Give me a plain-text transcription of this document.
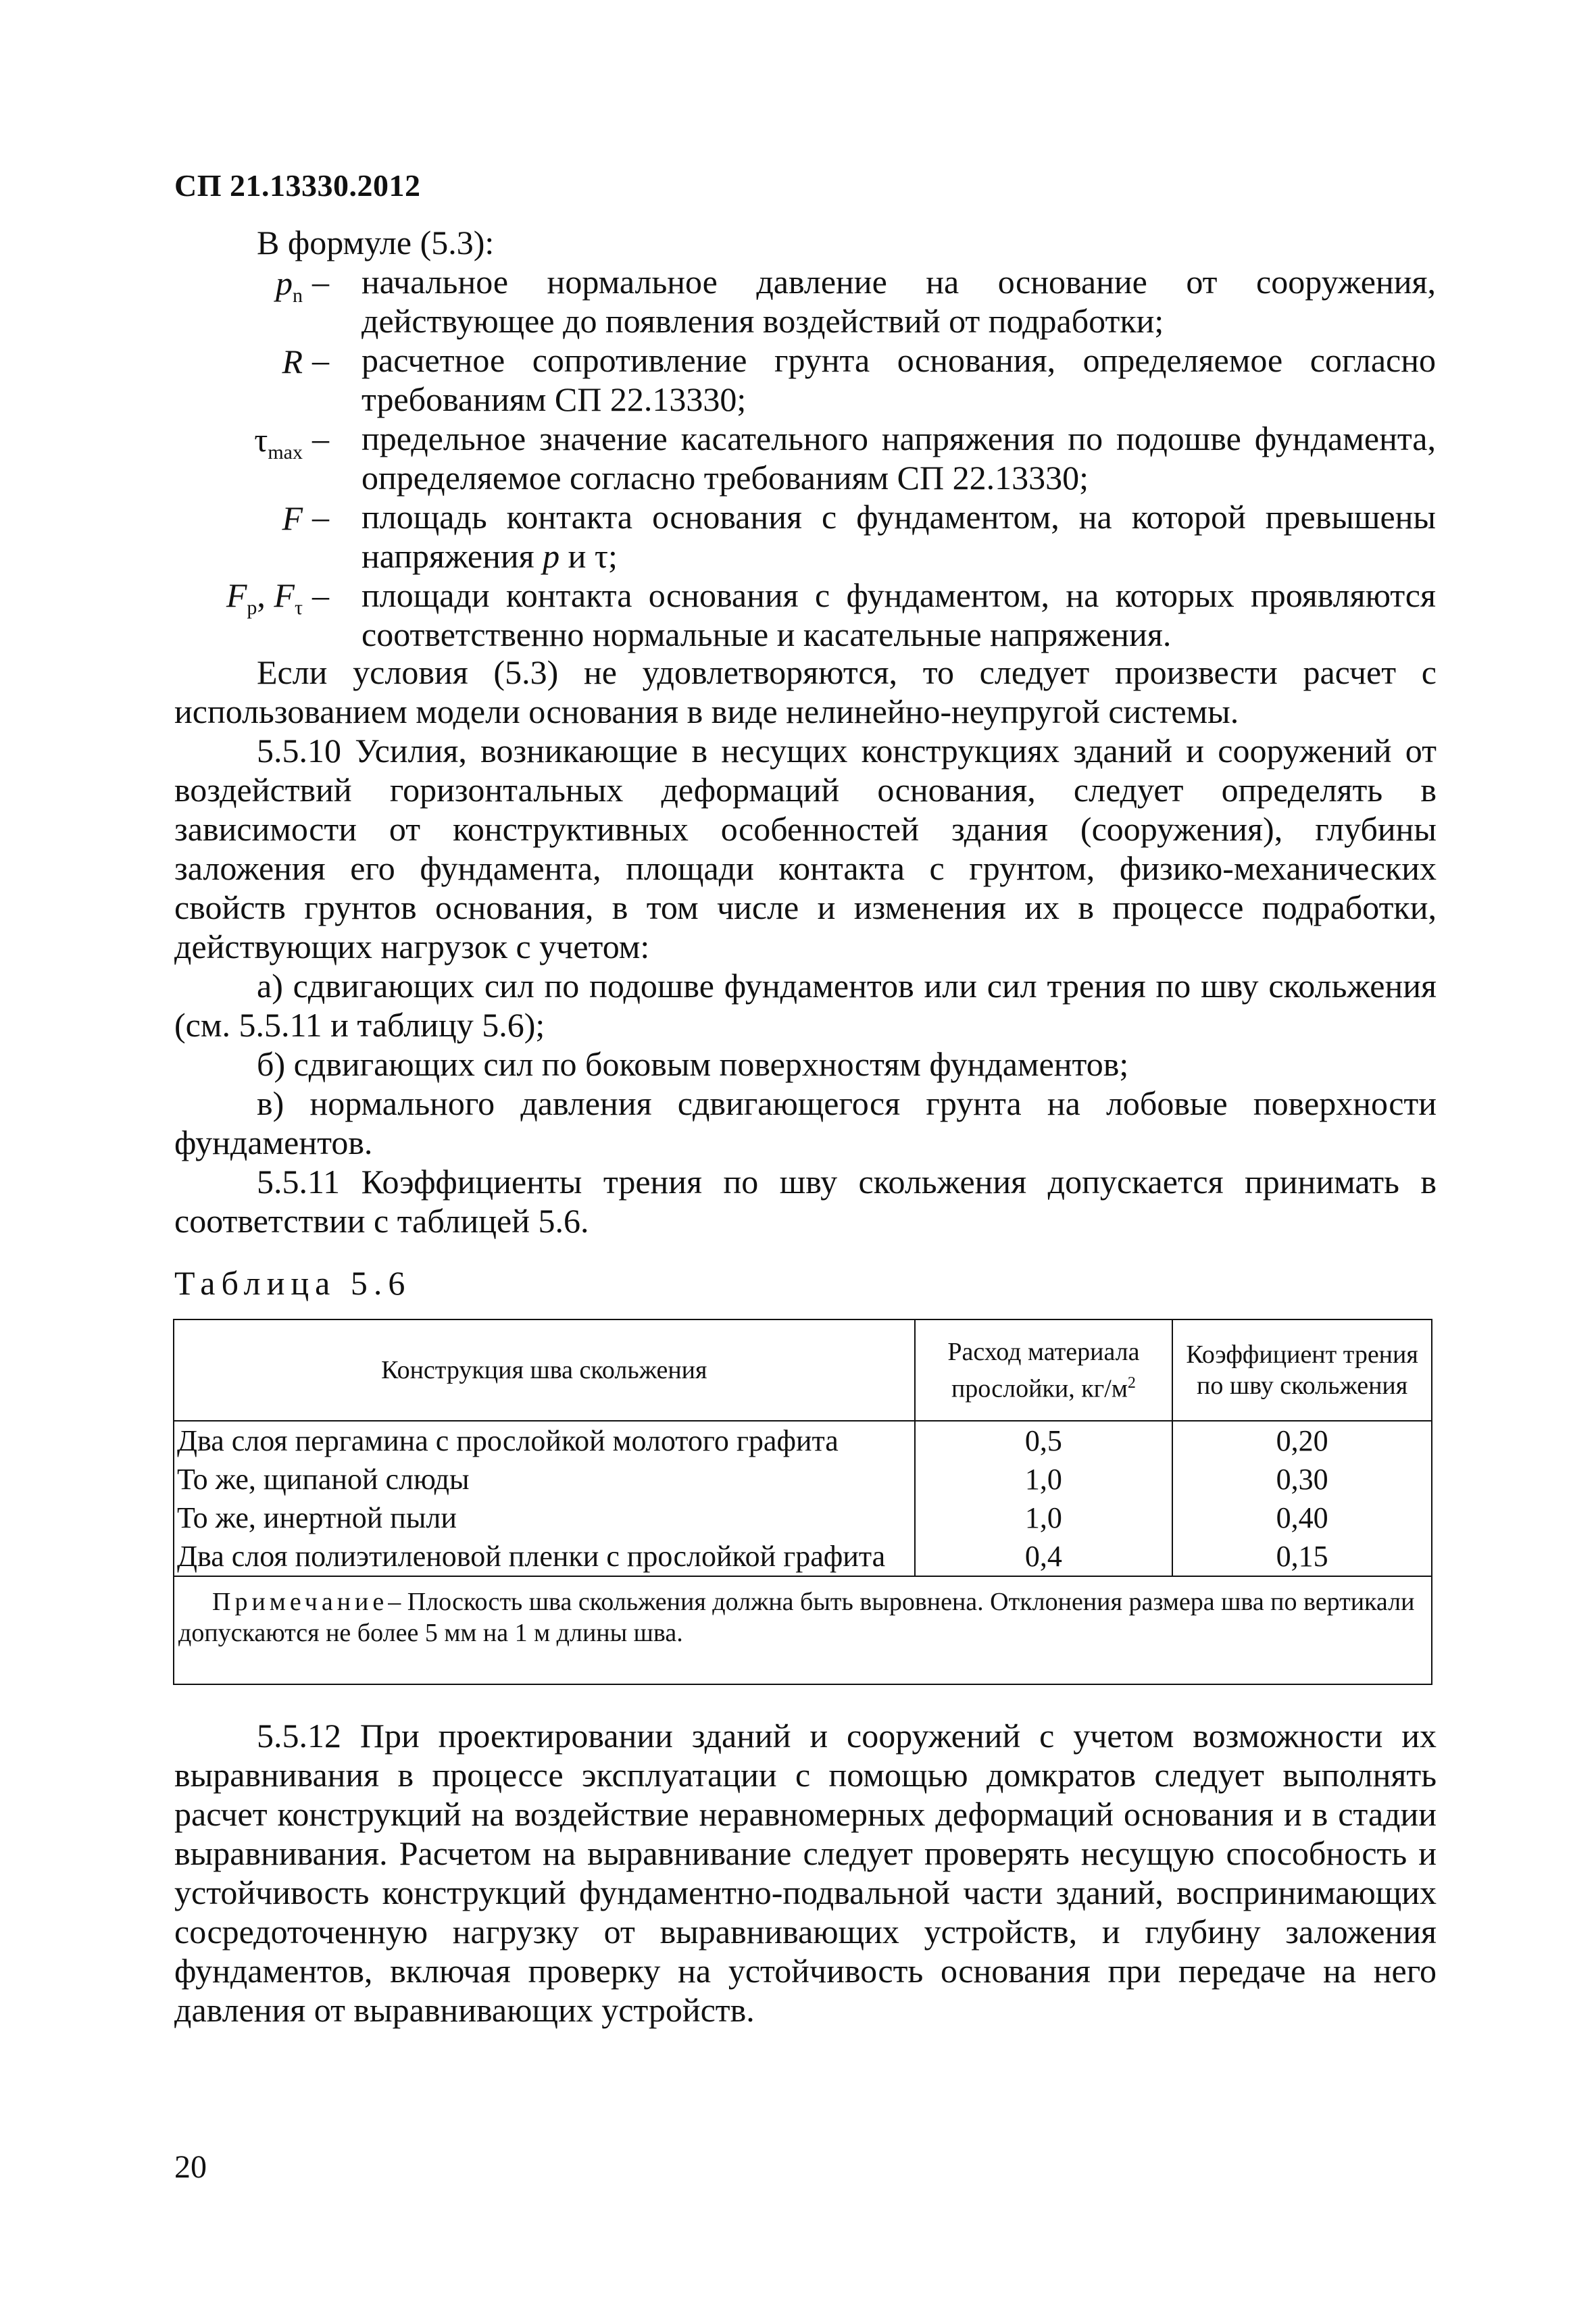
СП 21.13330.2012
В формуле (5.3):
$p_n$ – начальное нормальное давление на основание от сооружения,
действующее до появления воздействий от подработки;
R – расчетное сопротивление грунта основания, определяемое согласно
требованиям СП 22.13330;
$\tau_{max}$ – предельное значение касательного напряжения по подошве фундамента,
определяемое согласно требованиям СП 22.13330;
F – площадь контакта основания с фундаментом, на которой превышены
напряжения p и τ;
$F_p$, $F_\tau$ – площади контакта основания с фундаментом, на которых проявляются
соответственно нормальные и касательные напряжения.
Если условия (5.3) не удовлетворяются, то следует произвести расчет с использованием модели основания в виде нелинейно-неупругой системы.
5.5.10 Усилия, возникающие в несущих конструкциях зданий и сооружений от воздействий горизонтальных деформаций основания, следует определять в зависимости от конструктивных особенностей здания (сооружения), глубины заложения его фундамента, площади контакта с грунтом, физико-механических свойств грунтов основания, в том числе и изменения их в процессе подработки, действующих нагрузок с учетом:
а) сдвигающих сил по подошве фундаментов или сил трения по шву скольжения (см. 5.5.11 и таблицу 5.6);
б) сдвигающих сил по боковым поверхностям фундаментов;
в) нормального давления сдвигающегося грунта на лобовые поверхности фундаментов.
5.5.11 Коэффициенты трения по шву скольжения допускается принимать в соответствии с таблицей 5.6.
Таблица 5.6
Конструкция шва скольжения	Расход материала прослойки, $кг/м^2$	Коэффициент трения по шву скольжения
Два слоя пергамина с прослойкой молотого графита	0,5	0,20
То же, щипаной слюды	1,0	0,30
То же, инертной пыли	1,0	0,40
Два слоя полиэтиленовой пленки с прослойкой графита	0,4	0,15
Примечание– Плоскость шва скольжения должна быть выровнена. Отклонения размера шва по вертикали допускаются не более 5 мм на 1 м длины шва.		
5.5.12 При проектировании зданий и сооружений с учетом возможности их выравнивания в процессе эксплуатации с помощью домкратов следует выполнять расчет конструкций на воздействие неравномерных деформаций основания и в стадии выравнивания. Расчетом на выравнивание следует проверять несущую способность и устойчивость конструкций фундаментно-подвальной части зданий, воспринимающих сосредоточенную нагрузку от выравнивающих устройств, и глубину заложения фундаментов, включая проверку на устойчивость основания при передаче на него давления от выравнивающих устройств.
20
